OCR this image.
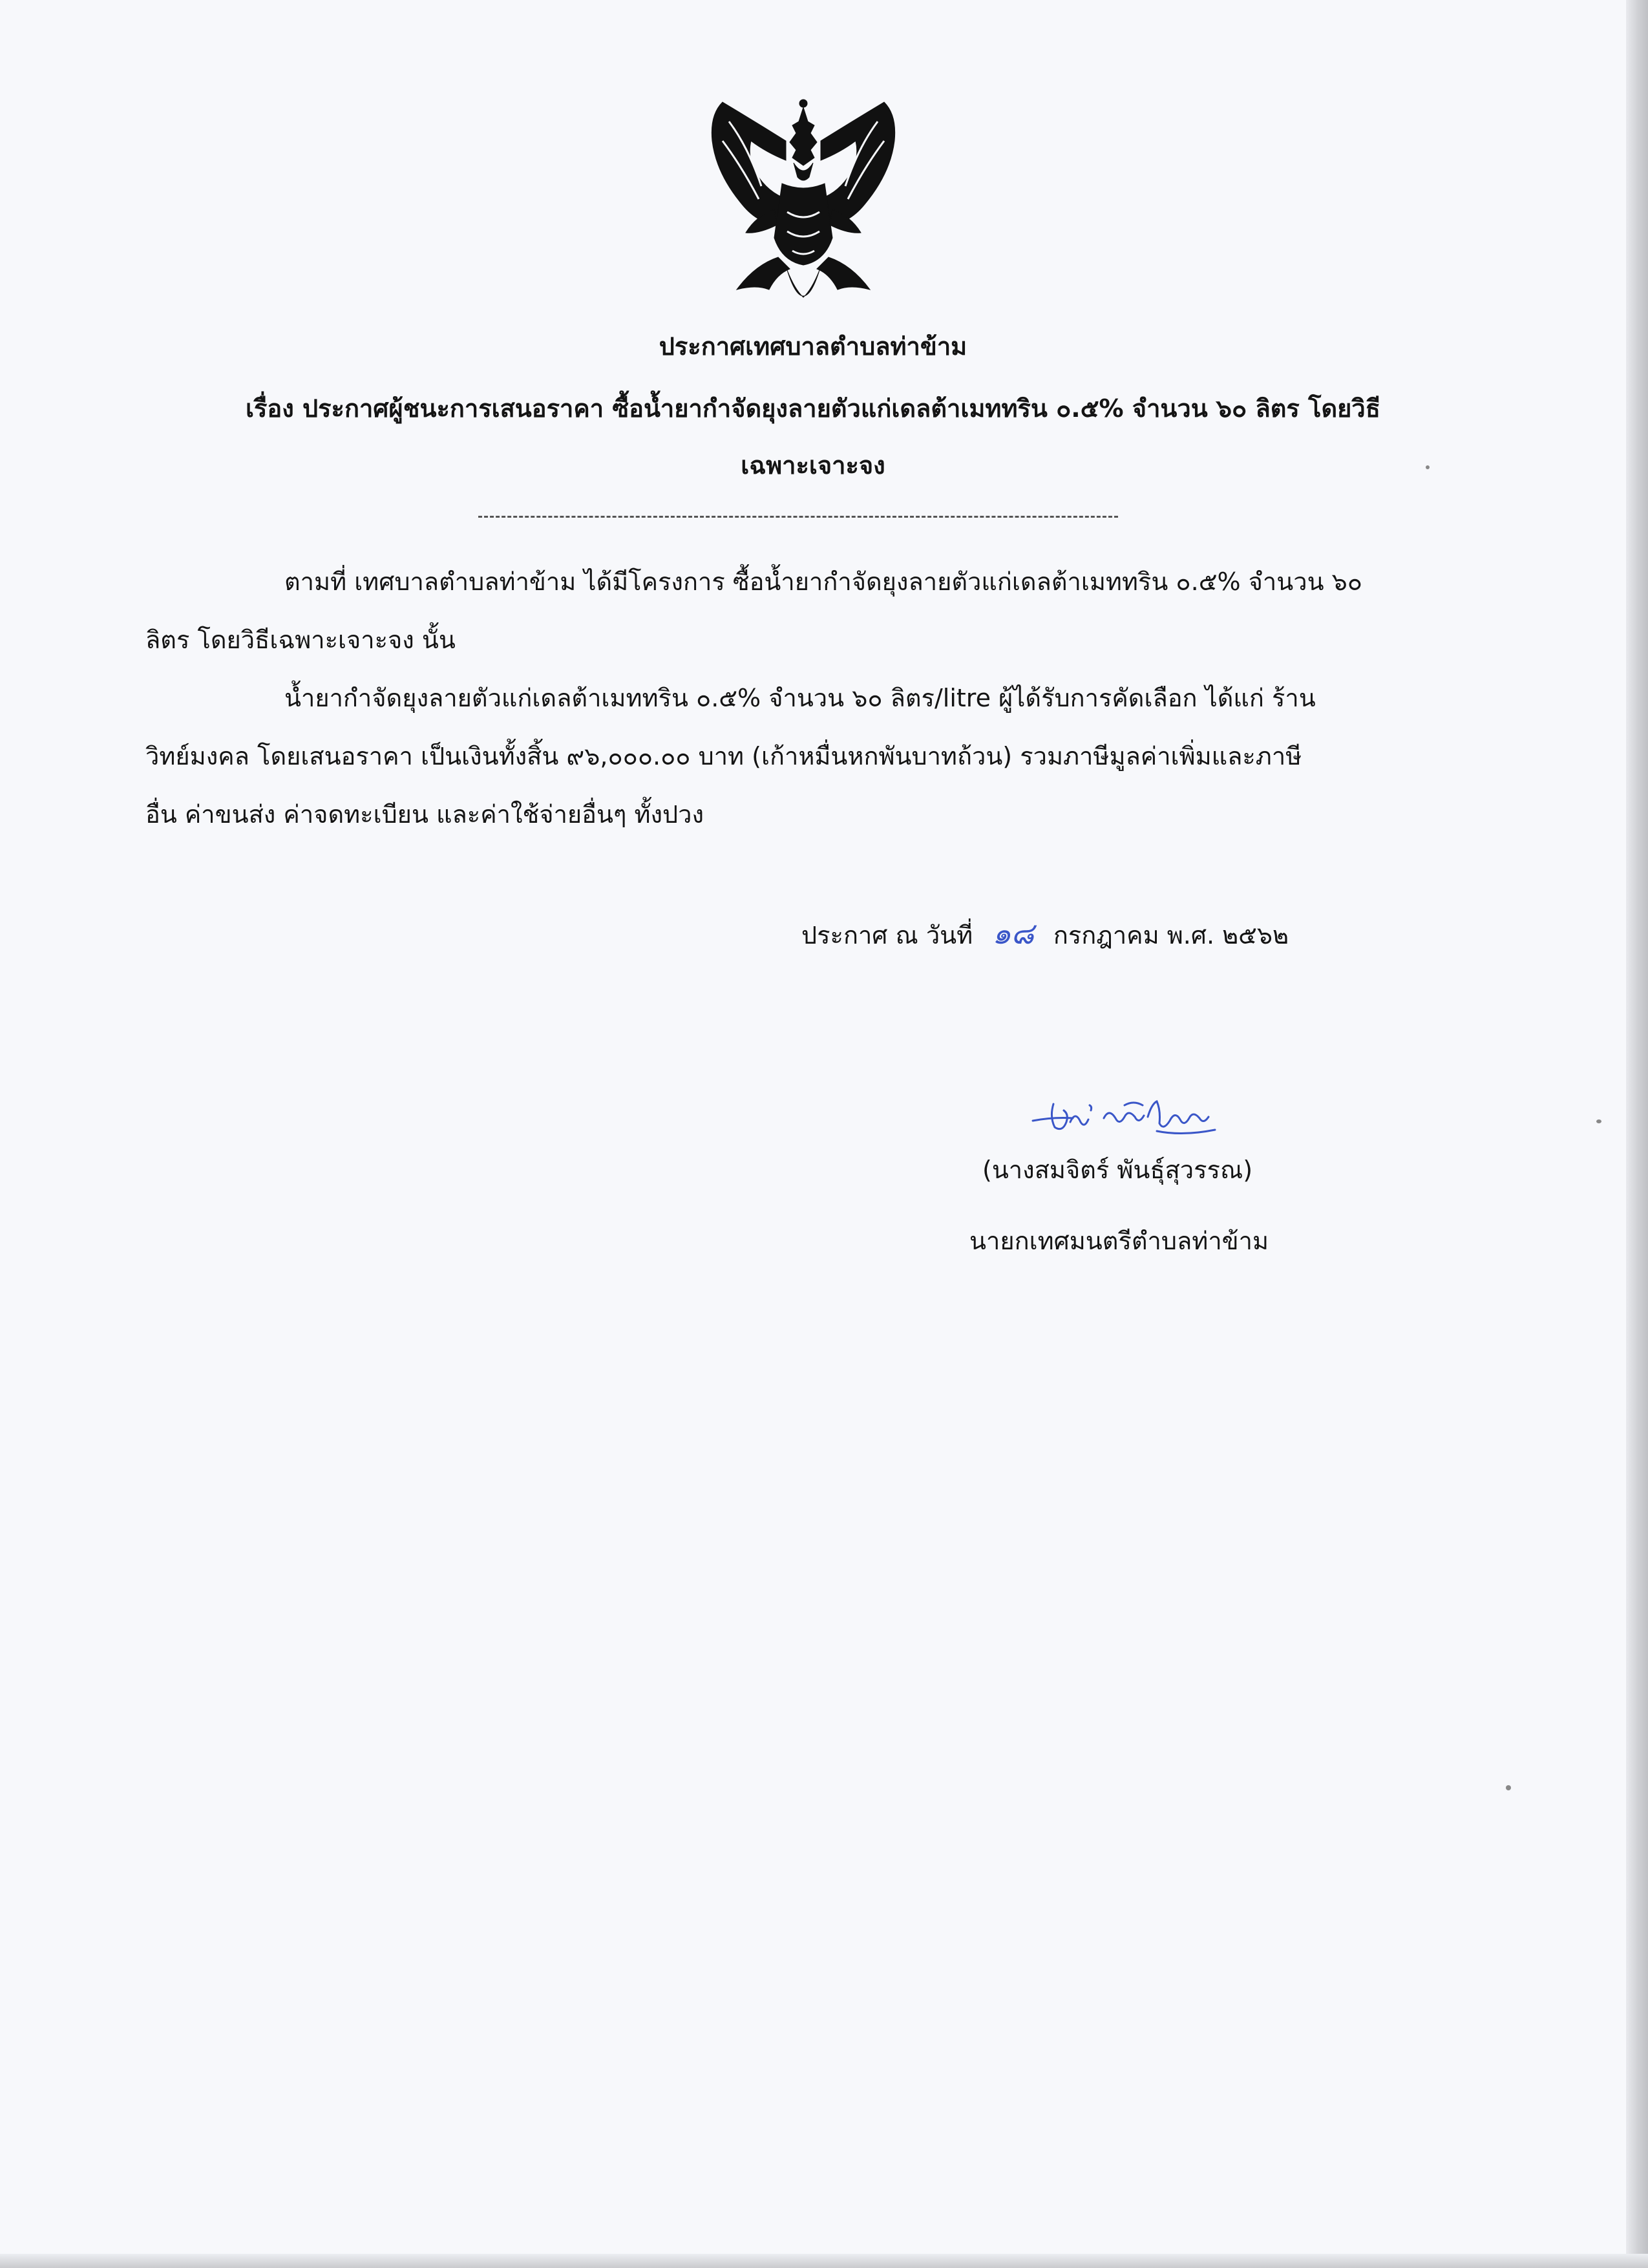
ประกาศเทศบาลตำบลท่าข้าม
เรื่อง ประกาศผู้ชนะการเสนอราคา ซื้อน้ำยากำจัดยุงลายตัวแก่เดลต้าเมททริน ๐.๕% จำนวน ๖๐ ลิตร โดยวิธี
เฉพาะเจาะจง
ตามที่ เทศบาลตำบลท่าข้าม ได้มีโครงการ ซื้อน้ำยากำจัดยุงลายตัวแก่เดลต้าเมททริน ๐.๕% จำนวน ๖๐
ลิตร โดยวิธีเฉพาะเจาะจง นั้น
น้ำยากำจัดยุงลายตัวแก่เดลต้าเมททริน ๐.๕% จำนวน ๖๐ ลิตร/litre ผู้ได้รับการคัดเลือก ได้แก่ ร้าน
วิทย์มงคล โดยเสนอราคา เป็นเงินทั้งสิ้น ๙๖,๐๐๐.๐๐ บาท (เก้าหมื่นหกพันบาทถ้วน) รวมภาษีมูลค่าเพิ่มและภาษี
อื่น ค่าขนส่ง ค่าจดทะเบียน และค่าใช้จ่ายอื่นๆ ทั้งปวง
ประกาศ ณ วันที่ ๑๘ กรกฎาคม พ.ศ. ๒๕๖๒
(นางสมจิตร์ พันธุ์สุวรรณ)
นายกเทศมนตรีตำบลท่าข้าม
